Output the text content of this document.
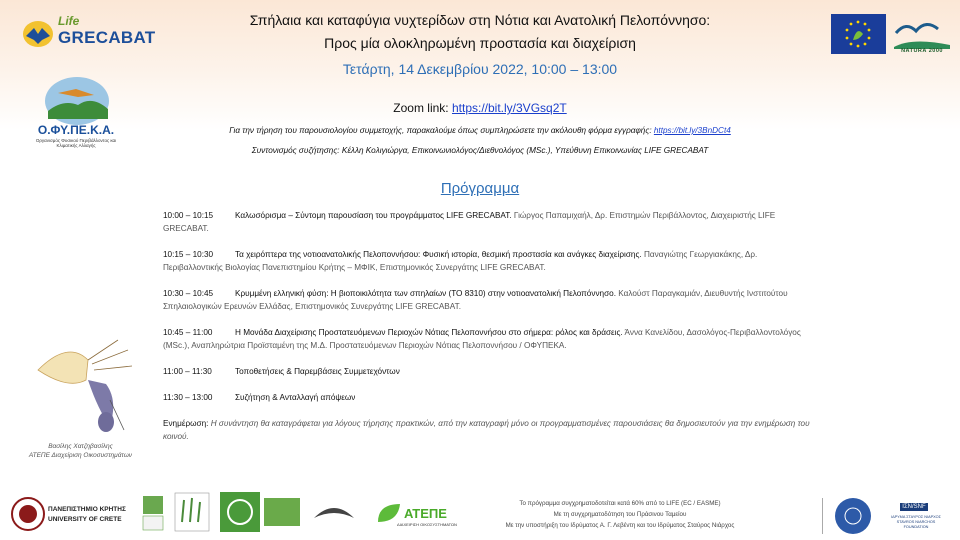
Life
GRECABAT
Σπήλαια και καταφύγια νυχτερίδων στη Νότια και Ανατολική Πελοπόννησο:
Προς μία ολοκληρωμένη προστασία και διαχείριση
Τετάρτη, 14 Δεκεμβρίου 2022, 10:00 – 13:00
NATURA 2000
Ο.ΦΥ.ΠΕ.Κ.Α.
Οργανισμός Φυσικού Περιβάλλοντος και Κλιματικής Αλλαγής
Zoom link: https://bit.ly/3VGsq2T
Για την τήρηση του παρουσιολογίου συμμετοχής, παρακαλούμε όπως συμπληρώσετε την ακόλουθη φόρμα εγγραφής: https://bit.ly/3BnDCt4
Συντονισμός συζήτησης: Κέλλη Κολιγιώργα, Επικοινωνιολόγος/Διεθνολόγος (MSc.), Υπεύθυνη Επικοινωνίας LIFE GRECABAT
Πρόγραμμα
10:00 – 10:15	Καλωσόρισμα – Σύντομη παρουσίαση του προγράμματος LIFE GRECABAT. Γιώργος Παπαμιχαήλ, Δρ. Επιστημών Περιβάλλοντος, Διαχειριστής LIFE GRECABAT.
10:15 – 10:30	Τα χειρόπτερα της νοτιοανατολικής Πελοποννήσου: Φυσική ιστορία, θεσμική προστασία και ανάγκες διαχείρισης. Παναγιώτης Γεωργιακάκης, Δρ. Περιβαλλοντικής Βιολογίας Πανεπιστημίου Κρήτης – ΜΦΙΚ, Επιστημονικός Συνεργάτης LIFE GRECABAT.
10:30 – 10:45	Κρυμμένη ελληνική φύση: Η βιοποικιλότητα των σπηλαίων (ΤΟ 8310) στην νοτιοανατολική Πελοπόννησο. Καλούστ Παραγκαμιάν, Διευθυντής Ινστιτούτου Σπηλαιολογικών Ερευνών Ελλάδας, Επιστημονικός Συνεργάτης LIFE GRECABAT.
10:45 – 11:00	Η Μονάδα Διαχείρισης Προστατευόμενων Περιοχών Νότιας Πελοποννήσου στο σήμερα: ρόλος και δράσεις. Άννα Κανελίδου, Δασολόγος-Περιβαλλοντολόγος (MSc.), Αναπληρώτρια Προϊσταμένη της Μ.Δ. Προστατευόμενων Περιοχών Νότιας Πελοποννήσου / ΟΦΥΠΕΚΑ.
11:00 – 11:30	Τοποθετήσεις & Παρεμβάσεις Συμμετεχόντων
11:30 – 13:00	Συζήτηση & Ανταλλαγή απόψεων
Ενημέρωση: Η συνάντηση θα καταγράφεται για λόγους τήρησης πρακτικών, από την καταγραφή μόνο οι προγραμματισμένες παρουσιάσεις θα δημοσιευτούν για την ενημέρωση του κοινού.
Βασίλης Χατζηβασίλης
ΑΤΕΠΕ Διαχείριση Οικοσυστημάτων
ΠΑΝΕΠΙΣΤΗΜΙΟ ΚΡΗΤΗΣ
UNIVERSITY OF CRETE	ΑΤΕΠΕ
ΔΙΑΧΕΙΡΙΣΗ ΟΙΚΟΣΥΣΤΗΜΑΤΩΝ
Το πρόγραμμα συγχρηματοδοτείται κατά 60% από το LIFE (EC / EASME)
Με τη συγχρηματοδότηση του Πράσινου Ταμείου
Με την υποστήριξη του Ιδρύματος Α. Γ. Λεβέντη και του Ιδρύματος Σταύρος Νιάρχος
IΣN/SNF
ΙΔΡΥΜΑ ΣΤΑΥΡΟΣ ΝΙΑΡΧΟΣ STAVROS NIARCHOS FOUNDATION
